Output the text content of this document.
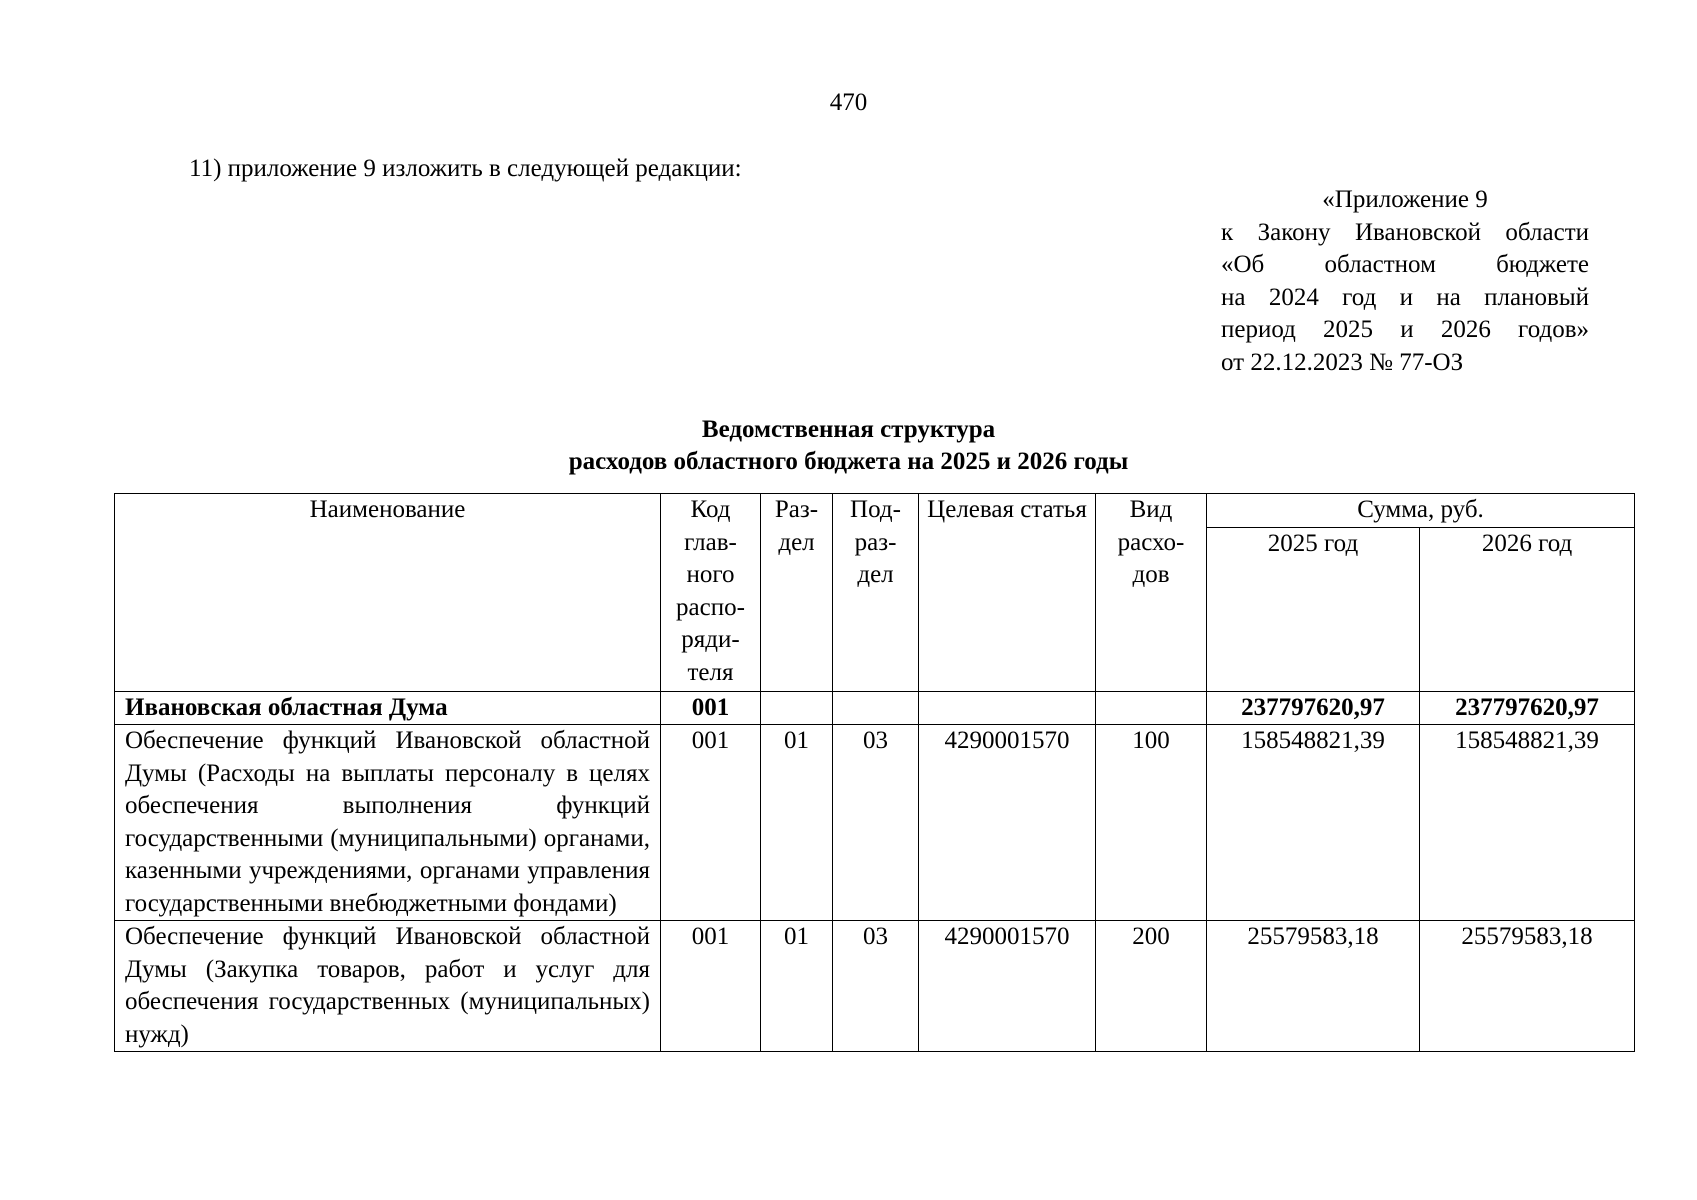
470
11) приложение 9 изложить в следующей редакции:
«Приложение 9
к Закону Ивановской области
«Об областном бюджете
на 2024 год и на плановый
период 2025 и 2026 годов»
от 22.12.2023 № 77-ОЗ
Ведомственная структура
расходов областного бюджета на 2025 и 2026 годы
Наименование	Код глав-ного распо-ряди-теля	Раз-дел	Под-раз-дел	Целевая статья	Вид расхо-дов	Сумма, руб.	
						2025 год	2026 год
Ивановская областная Дума	001					237797620,97	237797620,97
Обеспечение функций Ивановской областной Думы (Расходы на выплаты персоналу в целях обеспечения выполнения функций государственными (муниципальными) органами, казенными учреждениями, органами управления государственными внебюджетными фондами)	001	01	03	4290001570	100	158548821,39	158548821,39
Обеспечение функций Ивановской областной Думы (Закупка товаров, работ и услуг для обеспечения государственных (муниципальных) нужд)	001	01	03	4290001570	200	25579583,18	25579583,18
